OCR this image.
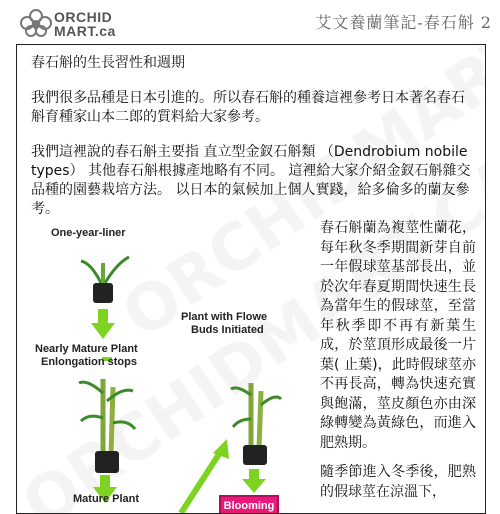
ORCHID
MART.ca	艾文養蘭筆記-春石斛 2
春石斛的生長習性和週期

我們很多品種是日本引進的。所以春石斛的種養這裡參考日本著名春石斛育種家山本二郎的質料給大家參考。

我們這裡說的春石斛主要指 直立型金釵石斛類 （Dendrobium nobile types） 其他春石斛根據產地略有不同。 這裡給大家介紹金釵石斛雜交品種的園藝栽培方法。 以日本的氣候加上個人實踐，給多倫多的蘭友參考。

One-year-liner
Nearly Mature Plant
Enlongation stops
Mature Plant
Plant with Flowe
Buds Initiated
Blooming

春石斛蘭為複莖性蘭花，每年秋冬季期間新芽自前一年假球莖基部長出，並於次年春夏期間快速生長為當年生的假球莖，至當年秋季即不再有新葉生成，於莖頂形成最後一片葉( 止葉)，此時假球莖亦不再長高，轉為快速充實與飽滿，莖皮顏色亦由深綠轉變為黃綠色，而進入肥熟期。

隨季節進入冬季後，肥熟的假球莖在涼溫下，
